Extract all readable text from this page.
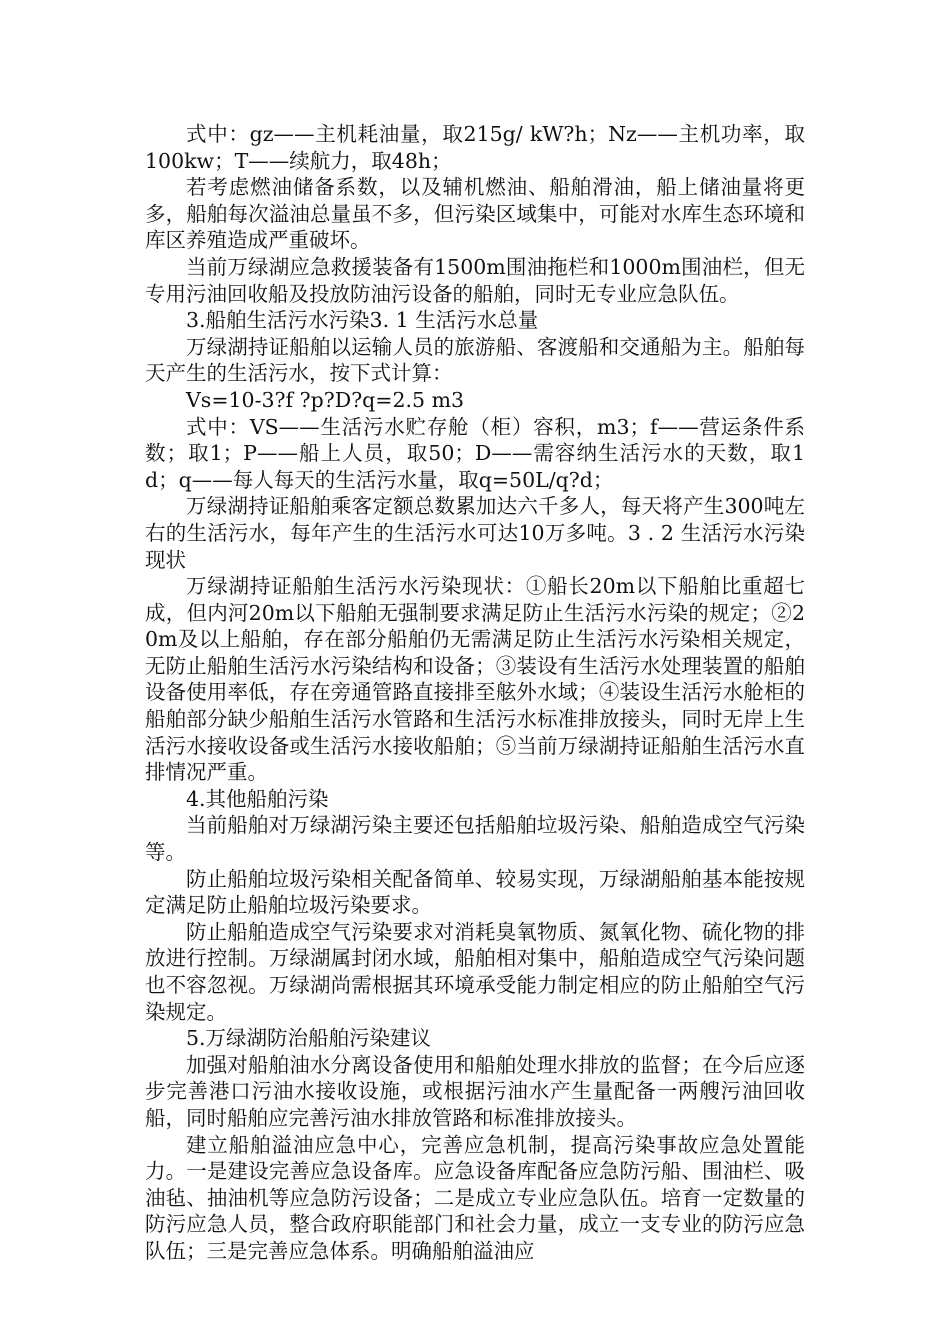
式中：gz——主机耗油量，取215g/ kW?h；Nz——主机功率，取100kw；T——续航力，取48h；

若考虑燃油储备系数，以及辅机燃油、船舶滑油，船上储油量将更多，船舶每次溢油总量虽不多，但污染区域集中，可能对水库生态环境和库区养殖造成严重破坏。

当前万绿湖应急救援装备有1500m围油拖栏和1000m围油栏，但无专用污油回收船及投放防油污设备的船舶，同时无专业应急队伍。

3.船舶生活污水污染3. 1 生活污水总量

万绿湖持证船舶以运输人员的旅游船、客渡船和交通船为主。船舶每天产生的生活污水，按下式计算：

Vs=10-3?f ?p?D?q=2.5 m3

式中：VS——生活污水贮存舱（柜）容积，m3；f——营运条件系数；取1；P——船上人员，取50；D——需容纳生活污水的天数，取1d；q——每人每天的生活污水量，取q=50L/q?d；

万绿湖持证船舶乘客定额总数累加达六千多人，每天将产生300吨左右的生活污水，每年产生的生活污水可达10万多吨。3 . 2 生活污水污染现状

万绿湖持证船舶生活污水污染现状：①船长20m以下船舶比重超七成，但内河20m以下船舶无强制要求满足防止生活污水污染的规定；②20m及以上船舶，存在部分船舶仍无需满足防止生活污水污染相关规定，无防止船舶生活污水污染结构和设备；③装设有生活污水处理装置的船舶设备使用率低，存在旁通管路直接排至舷外水域；④装设生活污水舱柜的船舶部分缺少船舶生活污水管路和生活污水标准排放接头，同时无岸上生活污水接收设备或生活污水接收船舶；⑤当前万绿湖持证船舶生活污水直排情况严重。

4.其他船舶污染

当前船舶对万绿湖污染主要还包括船舶垃圾污染、船舶造成空气污染等。

防止船舶垃圾污染相关配备简单、较易实现，万绿湖船舶基本能按规定满足防止船舶垃圾污染要求。

防止船舶造成空气污染要求对消耗臭氧物质、氮氧化物、硫化物的排放进行控制。万绿湖属封闭水域，船舶相对集中，船舶造成空气污染问题也不容忽视。万绿湖尚需根据其环境承受能力制定相应的防止船舶空气污染规定。

5.万绿湖防治船舶污染建议

加强对船舶油水分离设备使用和船舶处理水排放的监督；在今后应逐步完善港口污油水接收设施，或根据污油水产生量配备一两艘污油回收船，同时船舶应完善污油水排放管路和标准排放接头。

建立船舶溢油应急中心，完善应急机制，提高污染事故应急处置能力。一是建设完善应急设备库。应急设备库配备应急防污船、围油栏、吸油毡、抽油机等应急防污设备；二是成立专业应急队伍。培育一定数量的防污应急人员，整合政府职能部门和社会力量，成立一支专业的防污应急队伍；三是完善应急体系。明确船舶溢油应
